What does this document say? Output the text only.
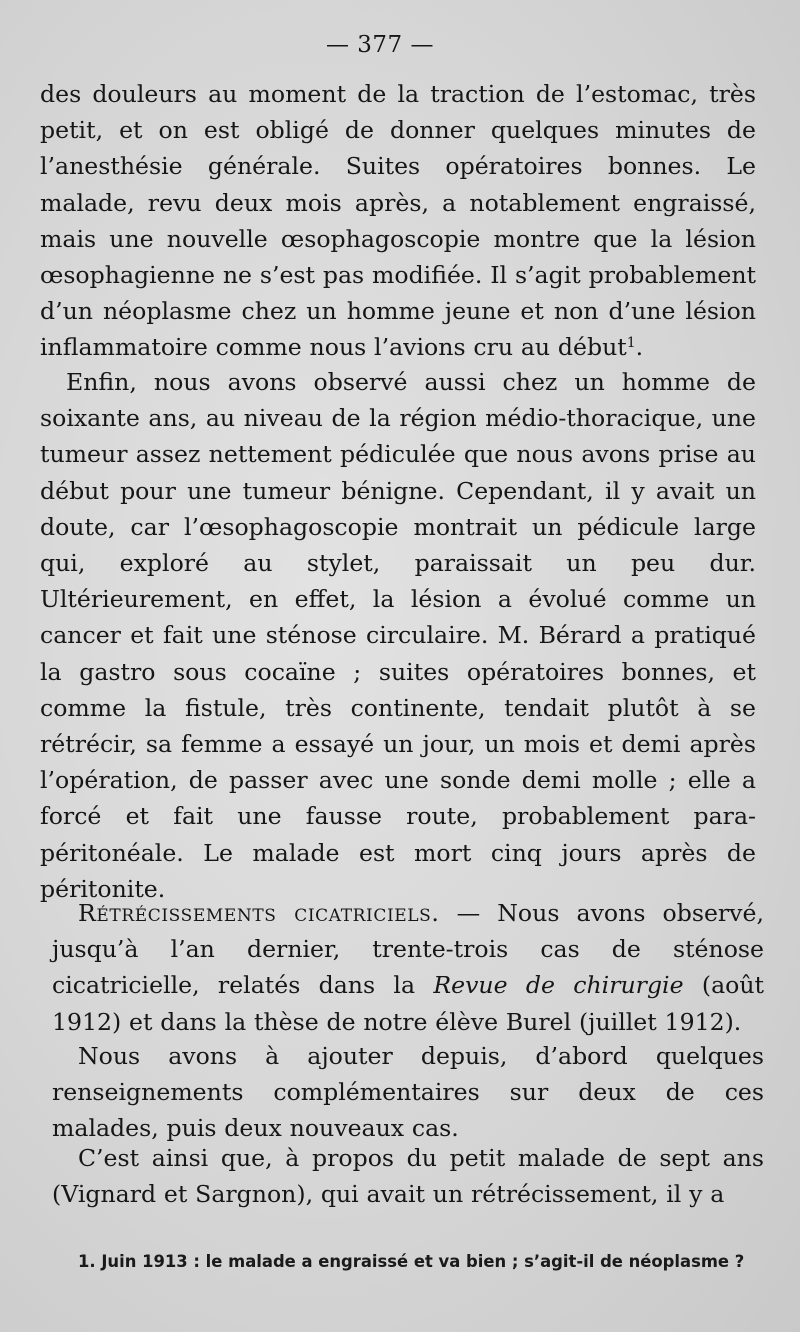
— 377 —

des douleurs au moment de la traction de l’estomac, très petit, et on est obligé de donner quelques minutes de l’anesthésie générale. Suites opératoires bonnes. Le malade, revu deux mois après, a notablement engraissé, mais une nouvelle œsophagoscopie montre que la lésion œsophagienne ne s’est pas modifiée. Il s’agit probablement d’un néoplasme chez un homme jeune et non d’une lésion inflammatoire comme nous l’avions cru au début$^1$.

Enfin, nous avons observé aussi chez un homme de soixante ans, au niveau de la région médio-thoracique, une tumeur assez nettement pédiculée que nous avons prise au début pour une tumeur bénigne. Cependant, il y avait un doute, car l’œsophagoscopie montrait un pédicule large qui, exploré au stylet, paraissait un peu dur. Ultérieurement, en effet, la lésion a évolué comme un cancer et fait une sténose circulaire. M. Bérard a pratiqué la gastro sous cocaïne ; suites opératoires bonnes, et comme la fistule, très continente, tendait plutôt à se rétrécir, sa femme a essayé un jour, un mois et demi après l’opération, de passer avec une sonde demi molle ; elle a forcé et fait une fausse route, probablement para-péritonéale. Le malade est mort cinq jours après de péritonite.

Rétrécissements cicatriciels. — Nous avons observé, jusqu’à l’an dernier, trente-trois cas de sténose cicatricielle, relatés dans la Revue de chirurgie (août 1912) et dans la thèse de notre élève Burel (juillet 1912).

Nous avons à ajouter depuis, d’abord quelques renseignements complémentaires sur deux de ces malades, puis deux nouveaux cas.

C’est ainsi que, à propos du petit malade de sept ans (Vignard et Sargnon), qui avait un rétrécissement, il y a

1. Juin 1913 : le malade a engraissé et va bien ; s’agit-il de néoplasme ?
